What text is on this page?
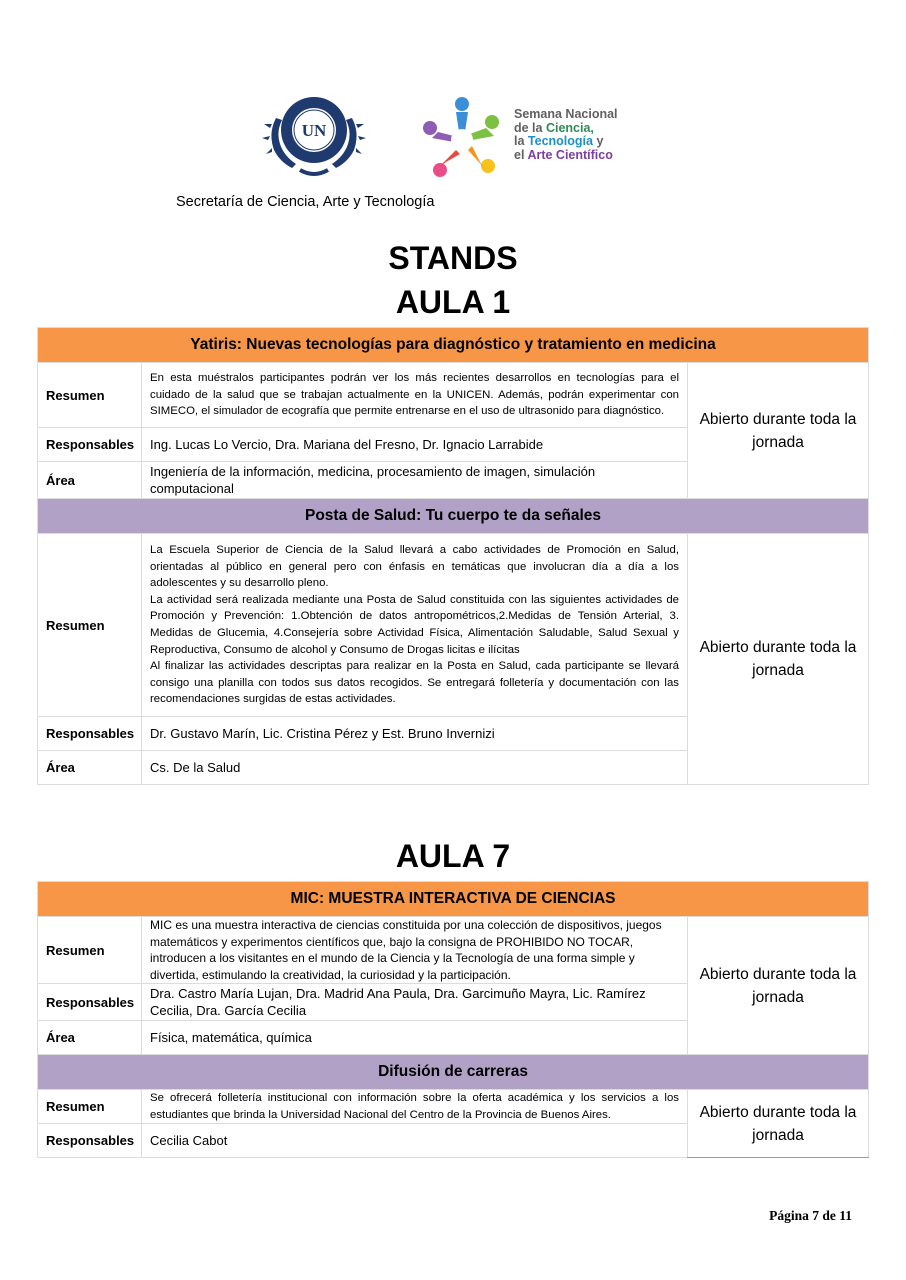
UN
Semana Nacional
de la Ciencia,
la Tecnología y
el Arte Científico
Secretaría de Ciencia, Arte y Tecnología
STANDS
AULA 1
Yatiris: Nuevas tecnologías para diagnóstico y tratamiento en medicina		
Resumen	En esta muéstralos participantes podrán ver los más recientes desarrollos en tecnologías para el cuidado de la salud que se trabajan actualmente en la UNICEN. Además, podrán experimentar con SIMECO, el simulador de ecografía que permite entrenarse en el uso de ultrasonido para diagnóstico.	Abierto durante toda la jornada
Responsables	Ing. Lucas Lo Vercio, Dra. Mariana del Fresno, Dr. Ignacio Larrabide	
Área	Ingeniería de la información, medicina, procesamiento de imagen, simulación computacional	
Posta de Salud: Tu cuerpo te da señales		
Resumen	La Escuela Superior de Ciencia de la Salud llevará a cabo actividades de Promoción en Salud, orientadas al público en general pero con énfasis en temáticas que involucran día a día a los adolescentes y su desarrollo pleno.
La actividad será realizada mediante una Posta de Salud constituida con las siguientes actividades de Promoción y Prevención: 1.Obtención de datos antropométricos,2.Medidas de Tensión Arterial, 3. Medidas de Glucemia, 4.Consejería sobre Actividad Física, Alimentación Saludable, Salud Sexual y Reproductiva, Consumo de alcohol y Consumo de Drogas licitas e ilícitas
Al finalizar las actividades descriptas para realizar en la Posta en Salud, cada participante se llevará consigo una planilla con todos sus datos recogidos. Se entregará folletería y documentación con las recomendaciones surgidas de estas actividades.	Abierto durante toda la jornada
Responsables	Dr. Gustavo Marín, Lic. Cristina Pérez y Est. Bruno Invernizi	
Área	Cs. De la Salud	
AULA 7
MIC: MUESTRA INTERACTIVA DE CIENCIAS		
Resumen	MIC es una muestra interactiva de ciencias constituida por una colección de dispositivos, juegos matemáticos y experimentos científicos que, bajo la consigna de PROHIBIDO NO TOCAR, introducen a los visitantes en el mundo de la Ciencia y la Tecnología de una forma simple y divertida, estimulando la creatividad, la curiosidad y la participación.	Abierto durante toda la jornada
Responsables	Dra. Castro María Lujan, Dra. Madrid Ana Paula, Dra. Garcimuño Mayra, Lic. Ramírez Cecilia, Dra. García Cecilia	
Área	Física, matemática, química	
Difusión de carreras		
Resumen	Se ofrecerá folletería institucional con información sobre la oferta académica y los servicios a los estudiantes que brinda la Universidad Nacional del Centro de la Provincia de Buenos Aires.	Abierto durante toda la jornada
Responsables	Cecilia Cabot	
Página 7 de 11
